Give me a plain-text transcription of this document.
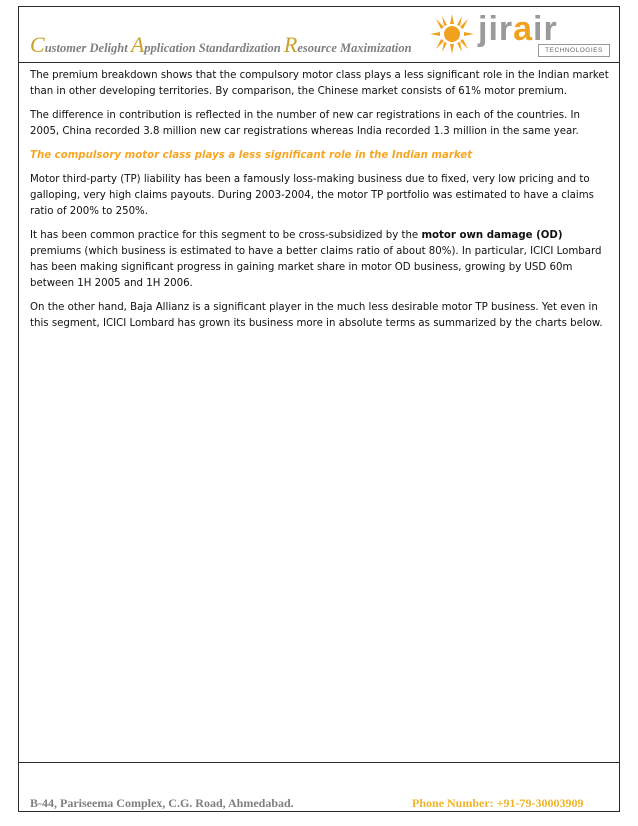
Customer Delight Application Standardization Resource Maximization jirair
TECHNOLOGIES

The premium breakdown shows that the compulsory motor class plays a less significant role in the Indian market than in other developing territories. By comparison, the Chinese market consists of 61% motor premium.

The difference in contribution is reflected in the number of new car registrations in each of the countries. In 2005, China recorded 3.8 million new car registrations whereas India recorded 1.3 million in the same year.

The compulsory motor class plays a less significant role in the Indian market

Motor third-party (TP) liability has been a famously loss-making business due to fixed, very low pricing and to galloping, very high claims payouts. During 2003-2004, the motor TP portfolio was estimated to have a claims ratio of 200% to 250%.

It has been common practice for this segment to be cross-subsidized by the motor own damage (OD) premiums (which business is estimated to have a better claims ratio of about 80%). In particular, ICICI Lombard has been making significant progress in gaining market share in motor OD business, growing by USD 60m between 1H 2005 and 1H 2006.

On the other hand, Baja Allianz is a significant player in the much less desirable motor TP business. Yet even in this segment, ICICI Lombard has grown its business more in absolute terms as summarized by the charts below.

B-44, Pariseema Complex, C.G. Road, Ahmedabad.	Phone Number: +91-79-30003909
